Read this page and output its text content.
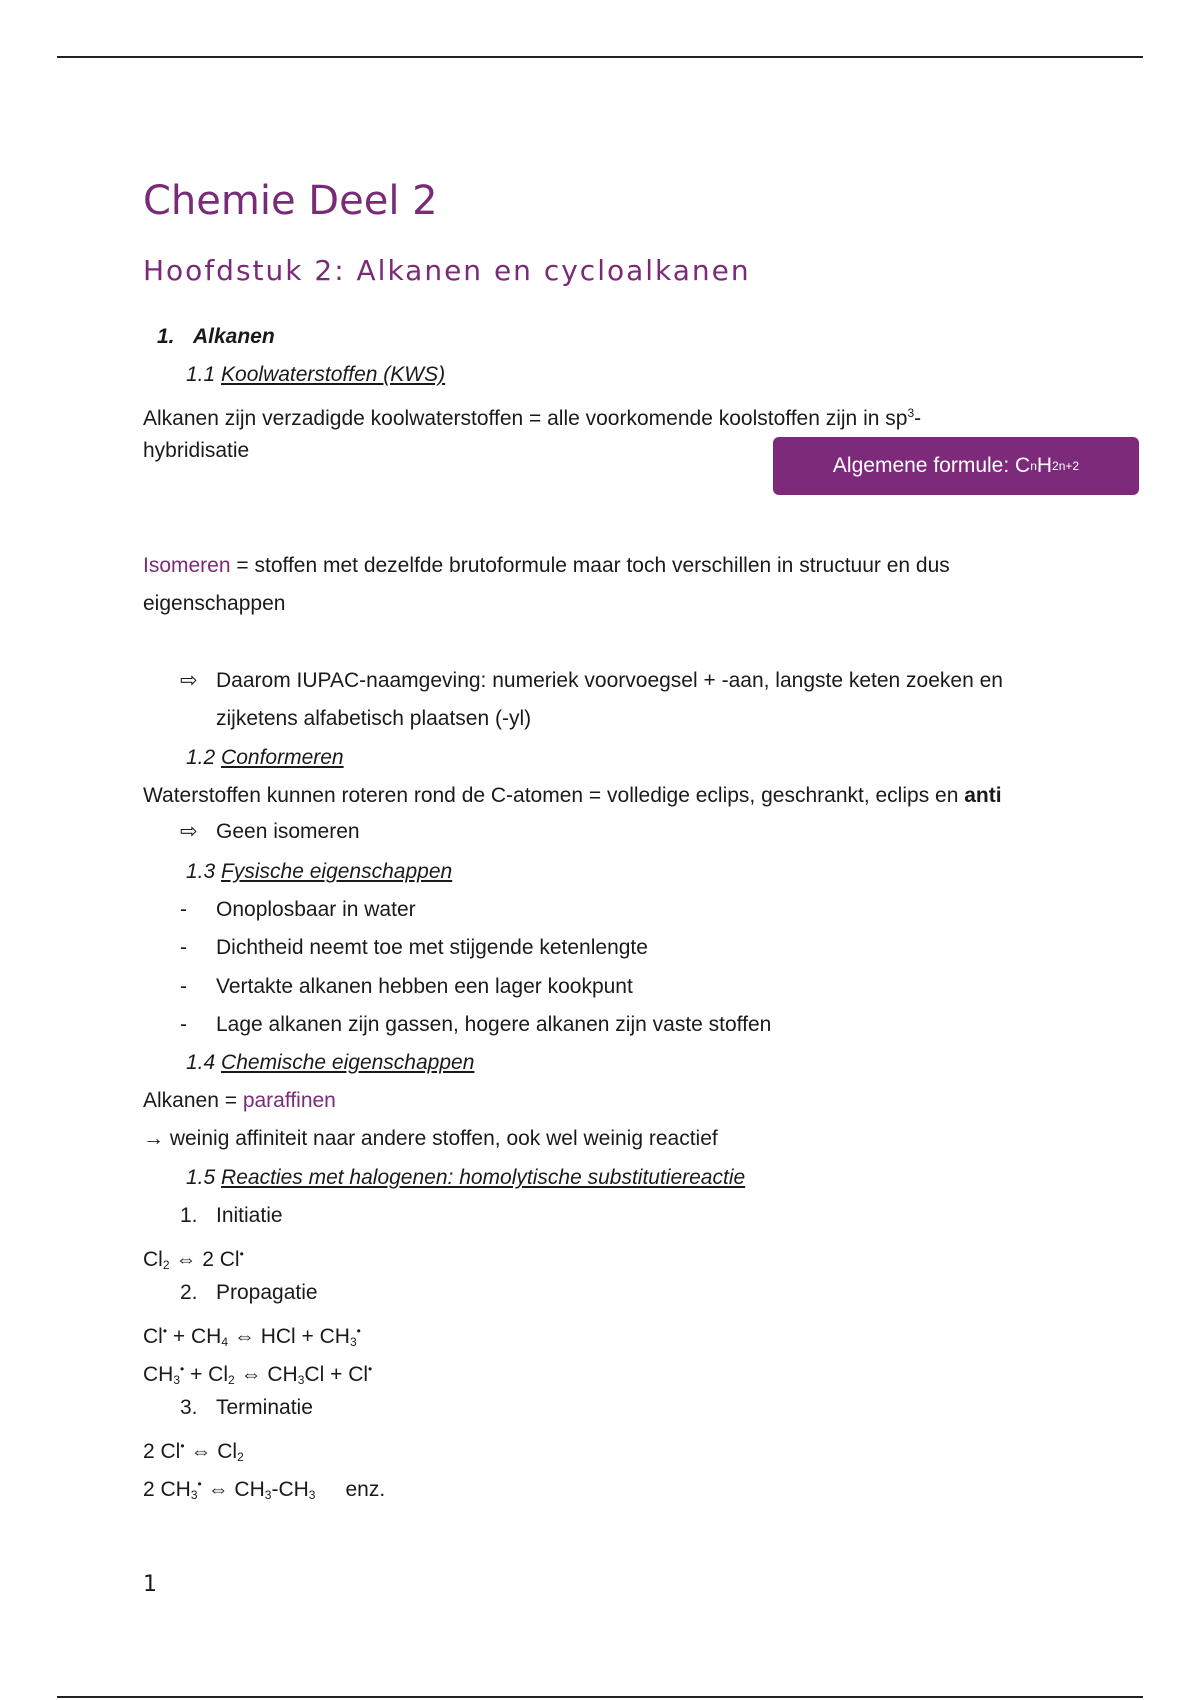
Chemie Deel 2
Hoofdstuk 2: Alkanen en cycloalkanen
1. Alkanen
1.1 Koolwaterstoffen (KWS)
Alkanen zijn verzadigde koolwaterstoffen = alle voorkomende koolstoffen zijn in $sp^3-$
hybridisatie
Algemene formule: C n H 2n+2
Isomeren = stoffen met dezelfde brutoformule maar toch verschillen in structuur en dus
eigenschappen
⇨ Daarom IUPAC-naamgeving: numeriek voorvoegsel + -aan, langste keten zoeken en
zijketens alfabetisch plaatsen (-yl)
1.2 Conformeren
Waterstoffen kunnen roteren rond de C-atomen = volledige eclips, geschrankt, eclips en anti
⇨ Geen isomeren
1.3 Fysische eigenschappen
- Onoplosbaar in water
- Dichtheid neemt toe met stijgende ketenlengte
- Vertakte alkanen hebben een lager kookpunt
- Lage alkanen zijn gassen, hogere alkanen zijn vaste stoffen
1.4 Chemische eigenschappen
Alkanen = paraffinen
→ weinig affiniteit naar andere stoffen, ook wel weinig reactief
1.5 Reacties met halogenen: homolytische substitutiereactie
1. Initiatie
$Cl_2$ ⇔ 2 Cl•
2. Propagatie
$Cl^• + CH_4$ ⇔ HCl + $CH_3^•$
$CH_3^• + Cl_2$ ⇔ $CH_3Cl + Cl^•$
3. Terminatie
2 Cl• ⇔ $Cl_2$
2 $CH_3^•$ ⇔ $CH_3-CH_3$ enz.
1
